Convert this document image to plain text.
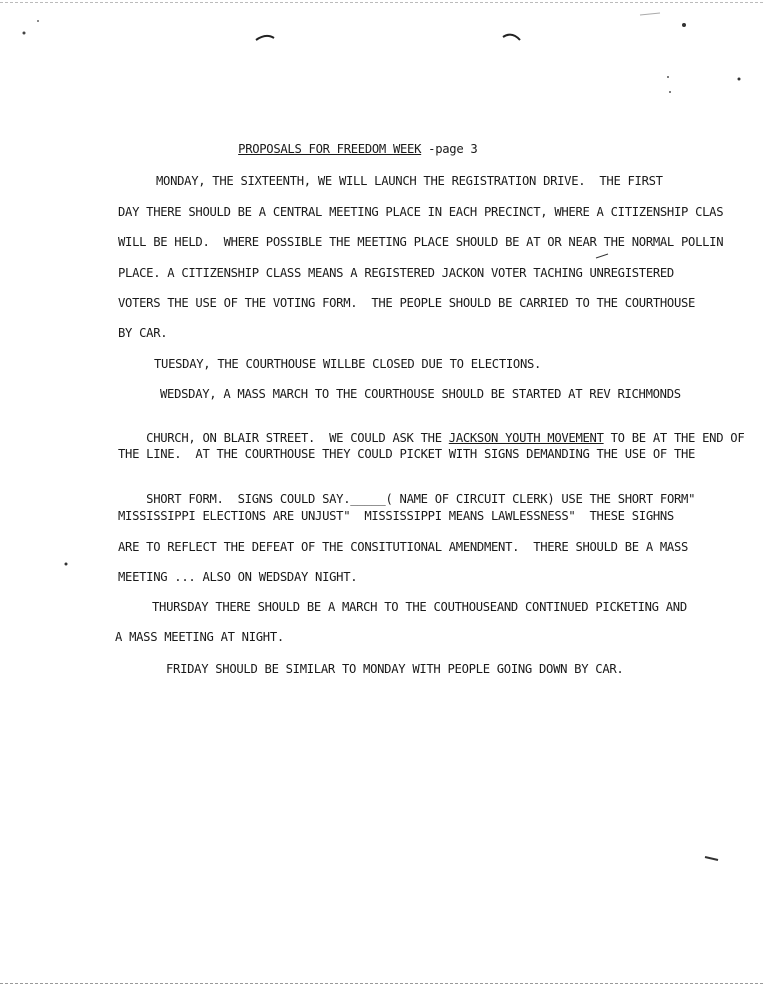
PROPOSALS FOR FREEDOM WEEK -page 3

MONDAY, THE SIXTEENTH, WE WILL LAUNCH THE REGISTRATION DRIVE.  THE FIRST
DAY THERE SHOULD BE A CENTRAL MEETING PLACE IN EACH PRECINCT, WHERE A CITIZENSHIP CLAS
WILL BE HELD.  WHERE POSSIBLE THE MEETING PLACE SHOULD BE AT OR NEAR THE NORMAL POLLIN
PLACE. A CITIZENSHIP CLASS MEANS A REGISTERED JACKON VOTER TACHING UNREGISTERED
VOTERS THE USE OF THE VOTING FORM.  THE PEOPLE SHOULD BE CARRIED TO THE COURTHOUSE
BY CAR.
TUESDAY, THE COURTHOUSE WILLBE CLOSED DUE TO ELECTIONS.
WEDSDAY, A MASS MARCH TO THE COURTHOUSE SHOULD BE STARTED AT REV RICHMONDS

CHURCH, ON BLAIR STREET.  WE COULD ASK THE JACKSON YOUTH MOVEMENT TO BE AT THE END OF

THE LINE.  AT THE COURTHOUSE THEY COULD PICKET WITH SIGNS DEMANDING THE USE OF THE

SHORT FORM.  SIGNS COULD SAY._____( NAME OF CIRCUIT CLERK) USE THE SHORT FORM"

MISSISSIPPI ELECTIONS ARE UNJUST"  MISSISSIPPI MEANS LAWLESSNESS"  THESE SIGHNS
ARE TO REFLECT THE DEFEAT OF THE CONSITUTIONAL AMENDMENT.  THERE SHOULD BE A MASS
MEETING ... ALSO ON WEDSDAY NIGHT.
THURSDAY THERE SHOULD BE A MARCH TO THE COUTHOUSEAND CONTINUED PICKETING AND
A MASS MEETING AT NIGHT.
FRIDAY SHOULD BE SIMILAR TO MONDAY WITH PEOPLE GOING DOWN BY CAR.
